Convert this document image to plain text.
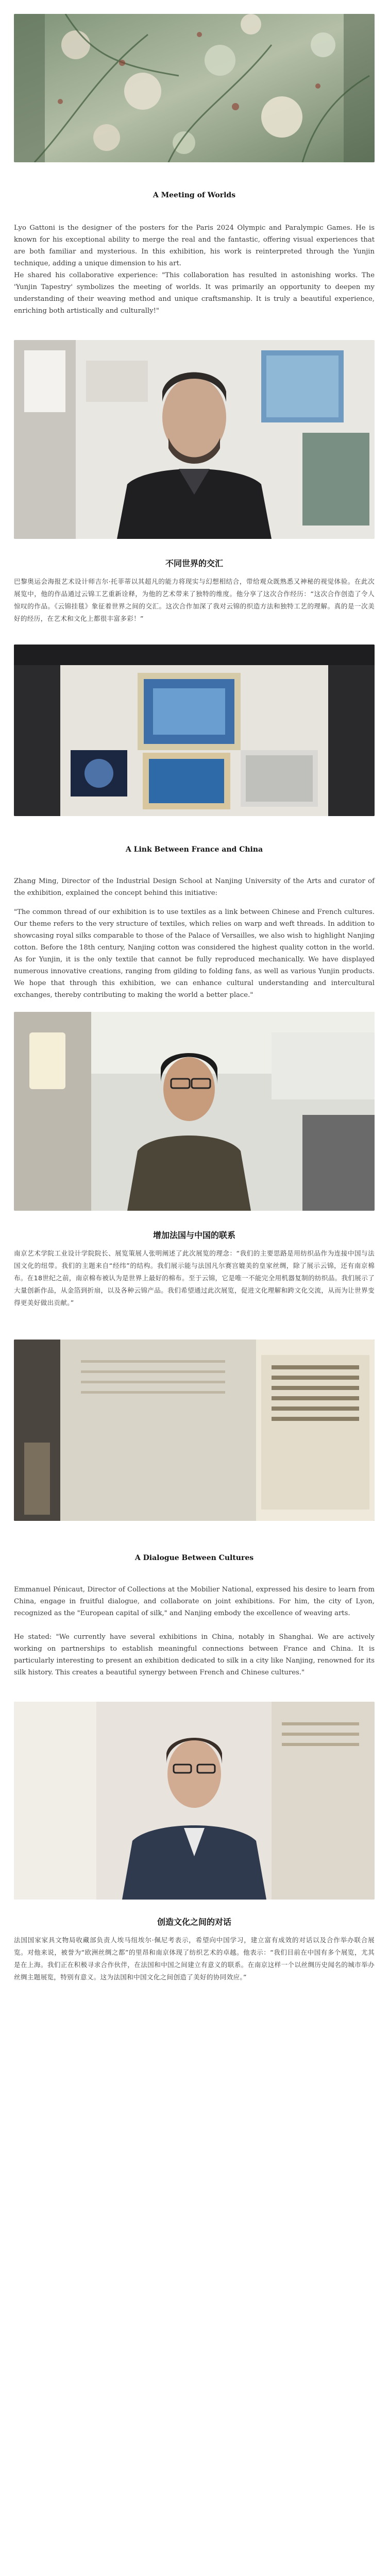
A Meeting of Worlds

Lyo Gattoni is the designer of the posters for the Paris 2024 Olympic and Paralympic Games. He is known for his exceptional ability to merge the real and the fantastic, offering visual experiences that are both familiar and mysterious. In this exhibition, his work is reinterpreted through the Yunjin technique, adding a unique dimension to his art.

He shared his collaborative experience: "This collaboration has resulted in astonishing works. The 'Yunjin Tapestry' symbolizes the meeting of worlds. It was primarily an opportunity to deepen my understanding of their weaving method and unique craftsmanship. It is truly a beautiful experience, enriching both artistically and culturally!"

不同世界的交汇

巴黎奥运会海报艺术设计师吉尔·托菲蒂以其超凡的能力将现实与幻想相结合，带给观众既熟悉又神秘的视觉体验。在此次展览中，他的作品通过云锦工艺重新诠释，为他的艺术带来了独特的维度。他分享了这次合作经历：“这次合作创造了令人惊叹的作品。《云锦挂毯》象征着世界之间的交汇。这次合作加深了我对云锦的织造方法和独特工艺的理解。真的是一次美好的经历，在艺术和文化上都很丰富多彩！”

A Link Between France and China

Zhang Ming, Director of the Industrial Design School at Nanjing University of the Arts and curator of the exhibition, explained the concept behind this initiative:

"The common thread of our exhibition is to use textiles as a link between Chinese and French cultures. Our theme refers to the very structure of textiles, which relies on warp and weft threads. In addition to showcasing royal silks comparable to those of the Palace of Versailles, we also wish to highlight Nanjing cotton. Before the 18th century, Nanjing cotton was considered the highest quality cotton in the world. As for Yunjin, it is the only textile that cannot be fully reproduced mechanically. We have displayed numerous innovative creations, ranging from gilding to folding fans, as well as various Yunjin products. We hope that through this exhibition, we can enhance cultural understanding and intercultural exchanges, thereby contributing to making the world a better place."

增加法国与中国的联系

南京艺术学院工业设计学院院长、展览策展人张明阐述了此次展览的理念：“我们的主要思路是用纺织品作为连接中国与法国文化的纽带。我们的主题来自“经纬”的结构。我们展示能与法国凡尔赛宫媲美的皇家丝绸，除了展示云锦，还有南京棉布。在18世纪之前，南京棉布被认为是世界上最好的棉布。至于云锦，它是唯一不能完全用机器复制的纺织品。我们展示了大量创新作品，从金箔到折扇，以及各种云锦产品。我们希望通过此次展览，促进文化理解和跨文化交流，从而为让世界变得更美好做出贡献。”

A Dialogue Between Cultures

Emmanuel Pénicaut, Director of Collections at the Mobilier National, expressed his desire to learn from China, engage in fruitful dialogue, and collaborate on joint exhibitions. For him, the city of Lyon, recognized as the "European capital of silk," and Nanjing embody the excellence of weaving arts.

He stated: "We currently have several exhibitions in China, notably in Shanghai. We are actively working on partnerships to establish meaningful connections between France and China. It is particularly interesting to present an exhibition dedicated to silk in a city like Nanjing, renowned for its silk history. This creates a beautiful synergy between French and Chinese cultures."

创造文化之间的对话

法国国家家具文物局收藏部负责人埃马纽埃尔·佩尼考表示，希望向中国学习，建立富有成效的对话以及合作举办联合展览。对他来说，被誉为“欧洲丝绸之都”的里昂和南京体现了纺织艺术的卓越。他表示：“我们目前在中国有多个展览，尤其是在上海。我们正在积极寻求合作伙伴，在法国和中国之间建立有意义的联系。在南京这样一个以丝绸历史闻名的城市举办丝绸主题展览，特别有意义。这为法国和中国文化之间创造了美好的协同效应。”
